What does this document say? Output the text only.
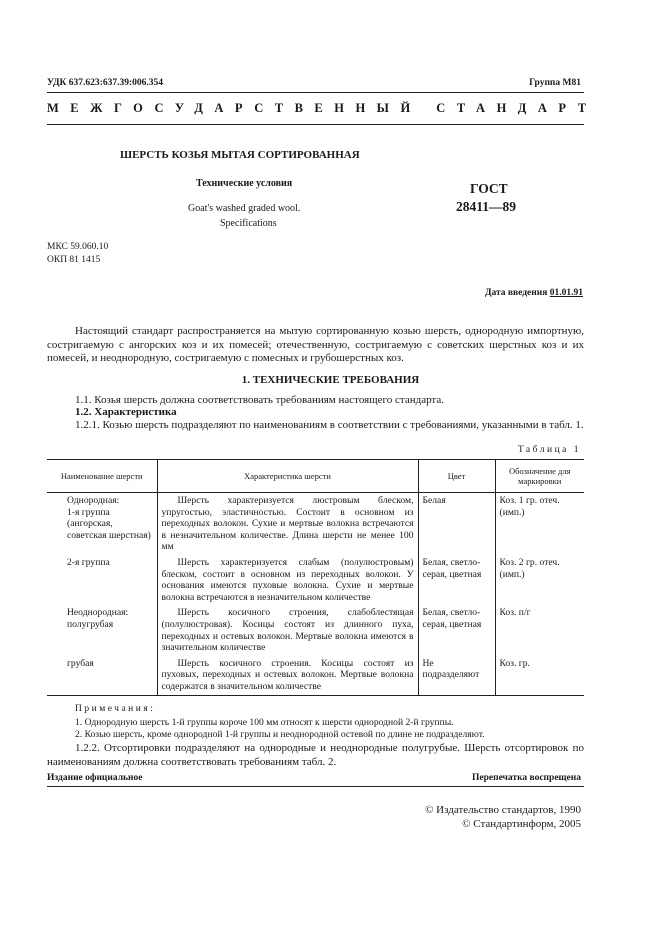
УДК 637.623:637.39:006.354	Группа М81
МЕЖГОСУДАРСТВЕННЫЙ СТАНДАРТ
ШЕРСТЬ КОЗЬЯ МЫТАЯ СОРТИРОВАННАЯ
Технические условия
Goat's washed graded wool.
Specifications
ГОСТ
28411—89
МКС 59.060.10
ОКП 81 1415
Дата введения 01.01.91
Настоящий стандарт распространяется на мытую сортированную козью шерсть, однородную импортную, состригаемую с ангорских коз и их помесей; отечественную, состригаемую с советских шерстных коз и их помесей, и неоднородную, состригаемую с помесных и грубошерстных коз.
1. ТЕХНИЧЕСКИЕ ТРЕБОВАНИЯ
1.1. Козья шерсть должна соответствовать требованиям настоящего стандарта.
1.2. Характеристика
1.2.1. Козью шерсть подразделяют по наименованиям в соответствии с требованиями, указанными в табл. 1.
Таблица 1
Наименование шерсти	Характеристика шерсти	Цвет	Обозначение для маркировки
Однородная:
1-я группа (ангорская, советская шерстная)	Шерсть характеризуется люстровым блеском, упругостью, эластичностью. Состоит в основном из переходных волокон. Сухие и мертвые волокна встречаются в незначительном количестве. Длина шерсти не менее 100 мм	Белая	Коз. 1 гр. отеч. (имп.)

2-я группа	Шерсть характеризуется слабым (полулюстровым) блеском, состоит в основном из переходных волокон. У основания имеются пуховые волокна. Сухие и мертвые волокна встречаются в незначительном количестве	Белая, светло-серая, цветная	Коз. 2 гр. отеч. (имп.)
Неоднородная:
полугрубая	Шерсть косичного строения, слабоблестящая (полулюстровая). Косицы состоят из длинного пуха, переходных и остевых волокон. Мертвые волокна имеются в значительном количестве	Белая, светло-серая, цветная	Коз. п/г

грубая	Шерсть косичного строения. Косицы состоят из пуховых, переходных и остевых волокон. Мертвые волокна содержатся в значительном количестве	Не подразделяют	Коз. гр.
Примечания:
1. Однородную шерсть 1-й группы короче 100 мм относят к шерсти однородной 2-й группы.
2. Козью шерсть, кроме однородной 1-й группы и неоднородной остевой по длине не подразделяют.
1.2.2. Отсортировки подразделяют на однородные и неоднородные полугрубые. Шерсть отсортировок по наименованиям должна соответствовать требованиям табл. 2.
Издание официальное	Перепечатка воспрещена
© Издательство стандартов, 1990
© Стандартинформ, 2005
